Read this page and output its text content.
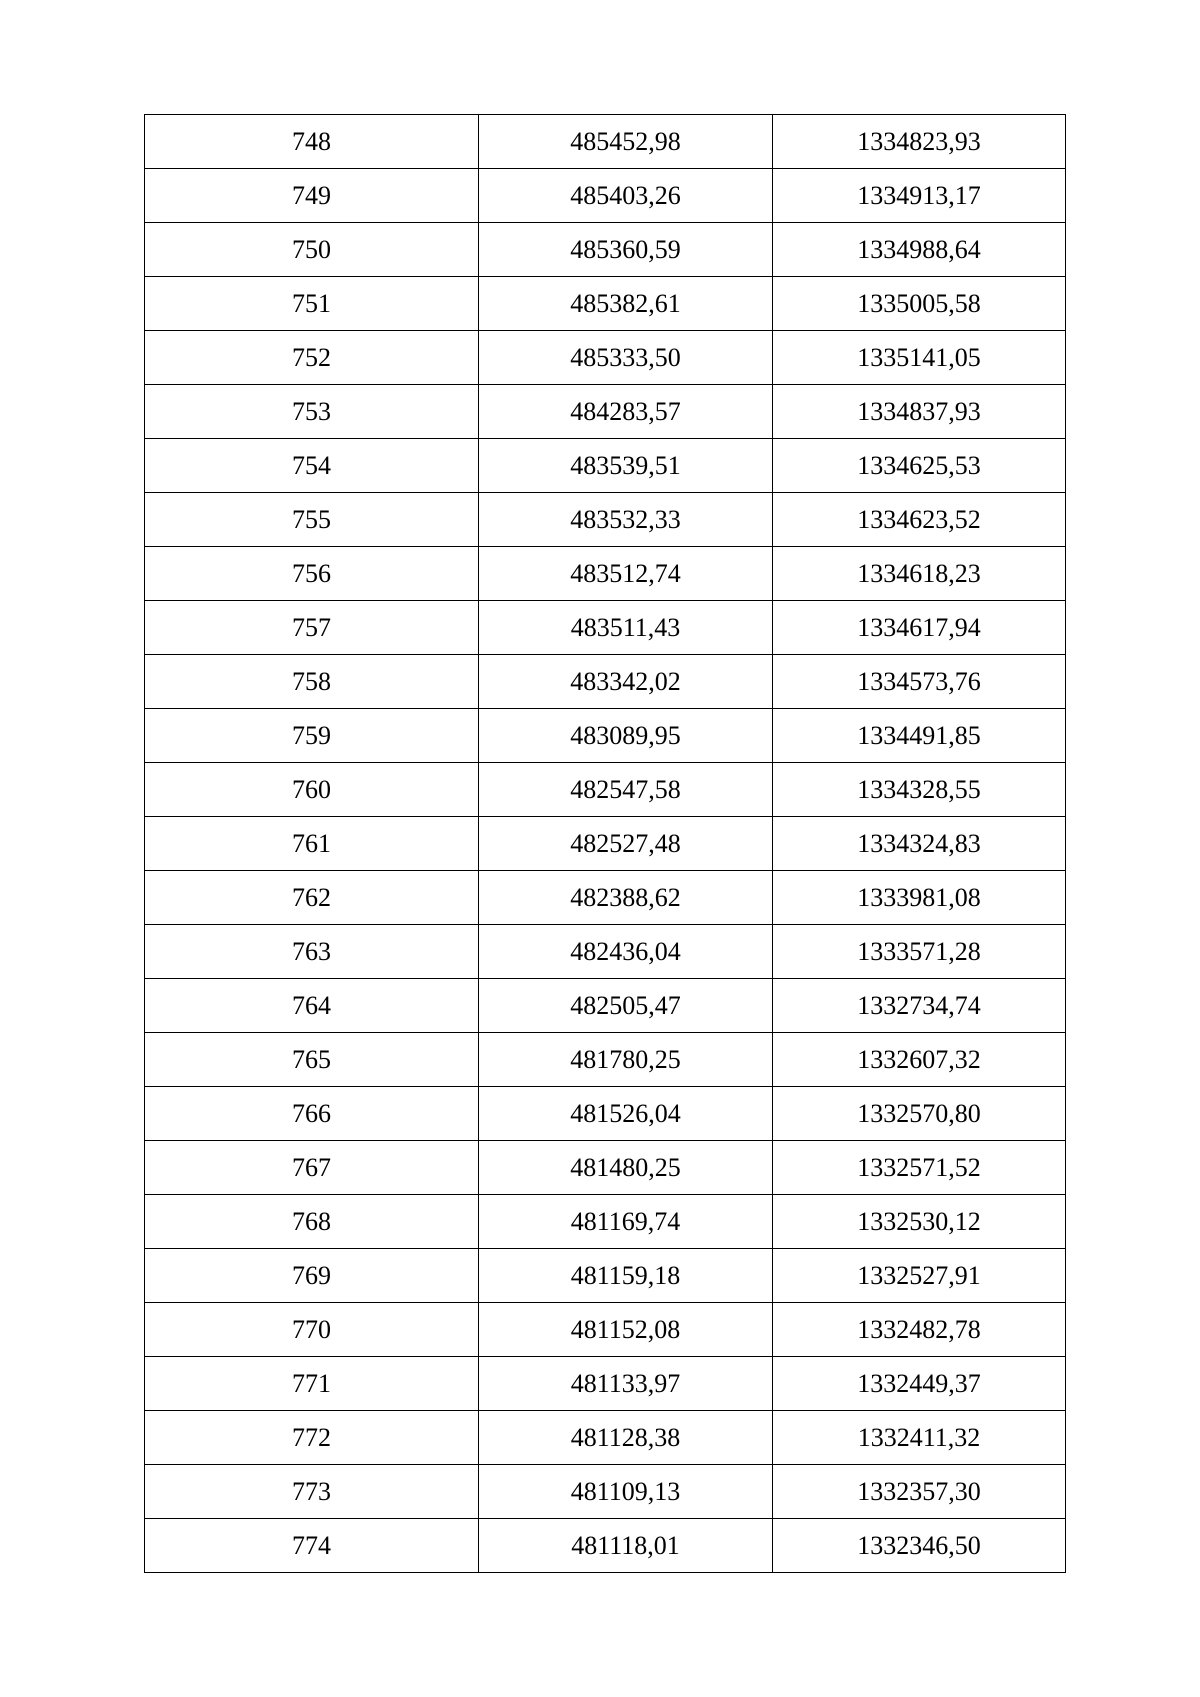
748	485452,98	1334823,93
749	485403,26	1334913,17
750	485360,59	1334988,64
751	485382,61	1335005,58
752	485333,50	1335141,05
753	484283,57	1334837,93
754	483539,51	1334625,53
755	483532,33	1334623,52
756	483512,74	1334618,23
757	483511,43	1334617,94
758	483342,02	1334573,76
759	483089,95	1334491,85
760	482547,58	1334328,55
761	482527,48	1334324,83
762	482388,62	1333981,08
763	482436,04	1333571,28
764	482505,47	1332734,74
765	481780,25	1332607,32
766	481526,04	1332570,80
767	481480,25	1332571,52
768	481169,74	1332530,12
769	481159,18	1332527,91
770	481152,08	1332482,78
771	481133,97	1332449,37
772	481128,38	1332411,32
773	481109,13	1332357,30
774	481118,01	1332346,50
